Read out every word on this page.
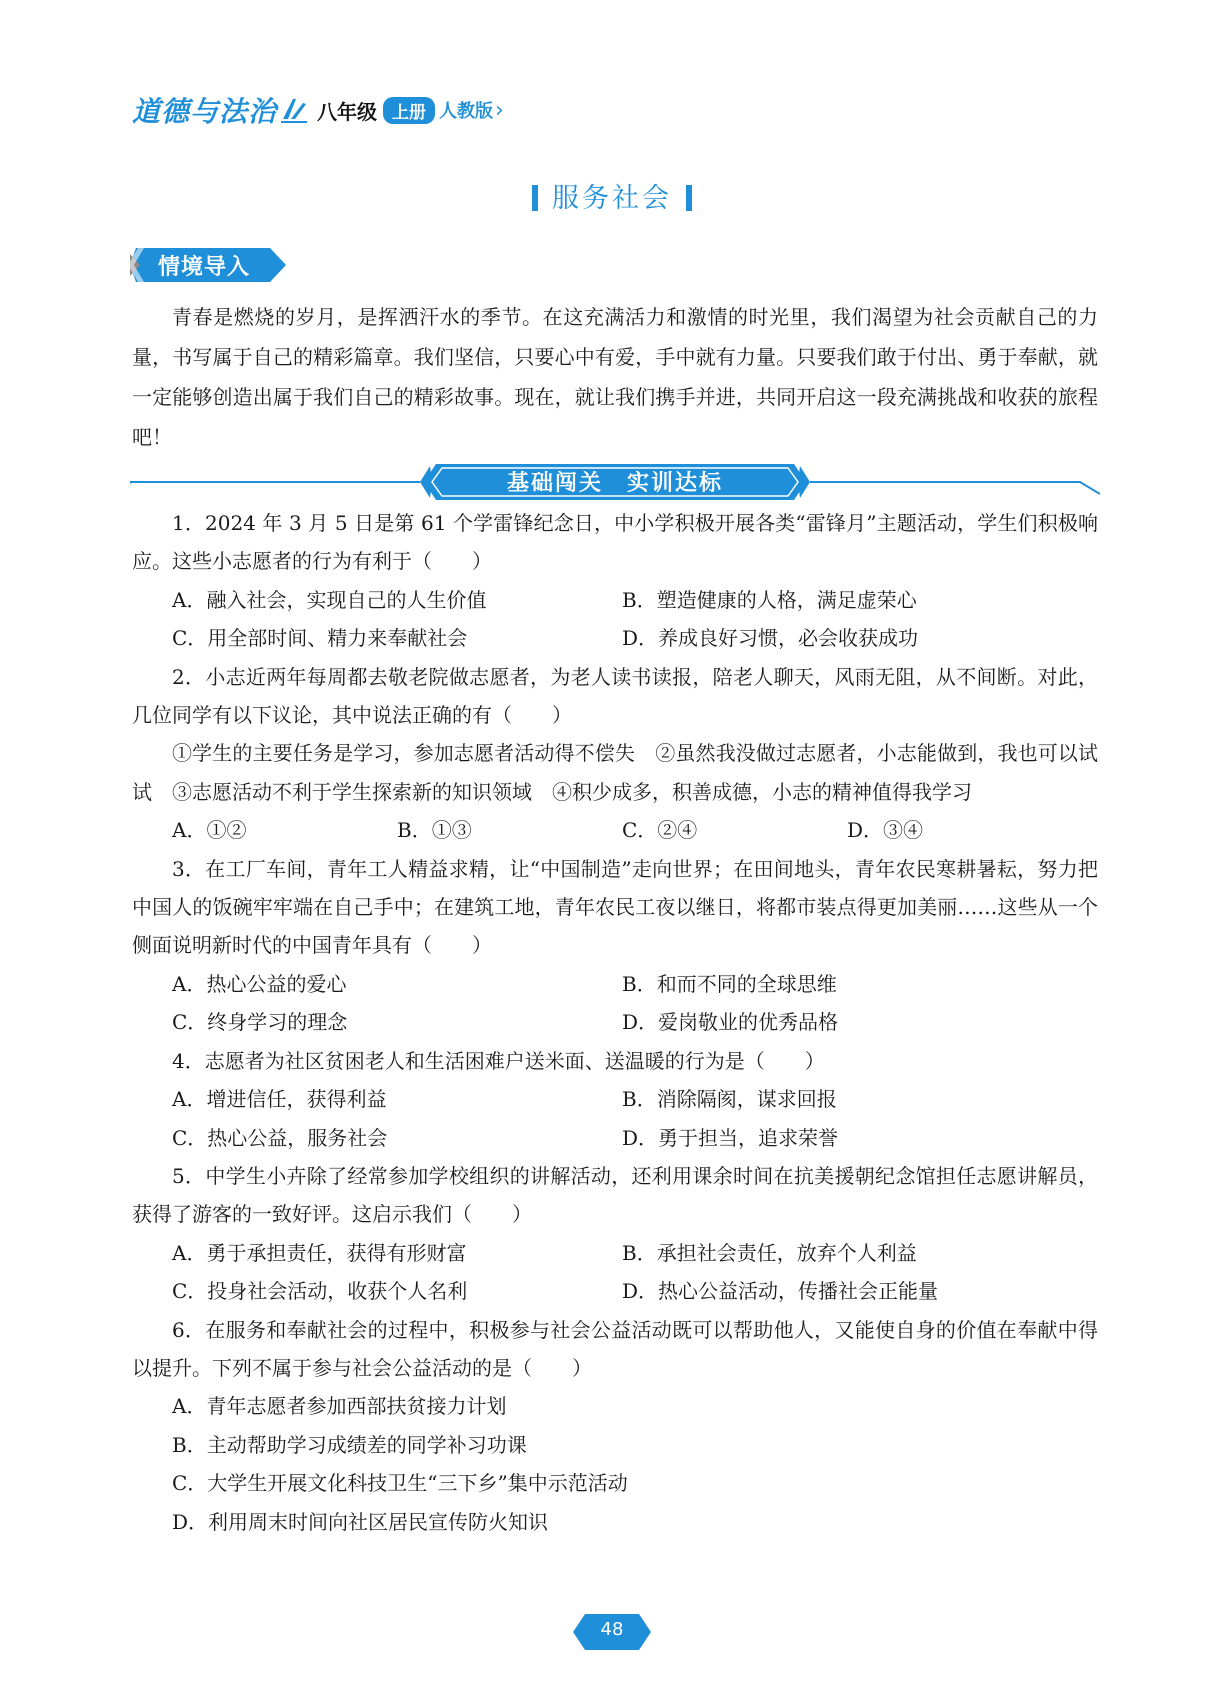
道德与法治 八年级 上册 人教版 ›
服务社会
情境导入
青春是燃烧的岁月，是挥洒汗水的季节。在这充满活力和激情的时光里，我们渴望为社会贡献自己的力量，书写属于自己的精彩篇章。我们坚信，只要心中有爱，手中就有力量。只要我们敢于付出、勇于奉献，就一定能够创造出属于我们自己的精彩故事。现在，就让我们携手并进，共同开启这一段充满挑战和收获的旅程吧！
基础闯关　实训达标
1．2024 年 3 月 5 日是第 61 个学雷锋纪念日，中小学积极开展各类“雷锋月”主题活动，学生们积极响应。这些小志愿者的行为有利于（　　）
A．融入社会，实现自己的人生价值	B．塑造健康的人格，满足虚荣心
C．用全部时间、精力来奉献社会	D．养成良好习惯，必会收获成功
2．小志近两年每周都去敬老院做志愿者，为老人读书读报，陪老人聊天，风雨无阻，从不间断。对此，几位同学有以下议论，其中说法正确的有（　　）
①学生的主要任务是学习，参加志愿者活动得不偿失　②虽然我没做过志愿者，小志能做到，我也可以试试　③志愿活动不利于学生探索新的知识领域　④积少成多，积善成德，小志的精神值得我学习
A．①②	B．①③	C．②④	D．③④
3．在工厂车间，青年工人精益求精，让“中国制造”走向世界；在田间地头，青年农民寒耕暑耘，努力把中国人的饭碗牢牢端在自己手中；在建筑工地，青年农民工夜以继日，将都市装点得更加美丽……这些从一个侧面说明新时代的中国青年具有（　　）
A．热心公益的爱心	B．和而不同的全球思维
C．终身学习的理念	D．爱岗敬业的优秀品格
4．志愿者为社区贫困老人和生活困难户送米面、送温暖的行为是（　　）
A．增进信任，获得利益	B．消除隔阂，谋求回报
C．热心公益，服务社会	D．勇于担当，追求荣誉
5．中学生小卉除了经常参加学校组织的讲解活动，还利用课余时间在抗美援朝纪念馆担任志愿讲解员，获得了游客的一致好评。这启示我们（　　）
A．勇于承担责任，获得有形财富	B．承担社会责任，放弃个人利益
C．投身社会活动，收获个人名利	D．热心公益活动，传播社会正能量
6．在服务和奉献社会的过程中，积极参与社会公益活动既可以帮助他人，又能使自身的价值在奉献中得以提升。下列不属于参与社会公益活动的是（　　）
A．青年志愿者参加西部扶贫接力计划
B．主动帮助学习成绩差的同学补习功课
C．大学生开展文化科技卫生“三下乡”集中示范活动
D．利用周末时间向社区居民宣传防火知识
48
